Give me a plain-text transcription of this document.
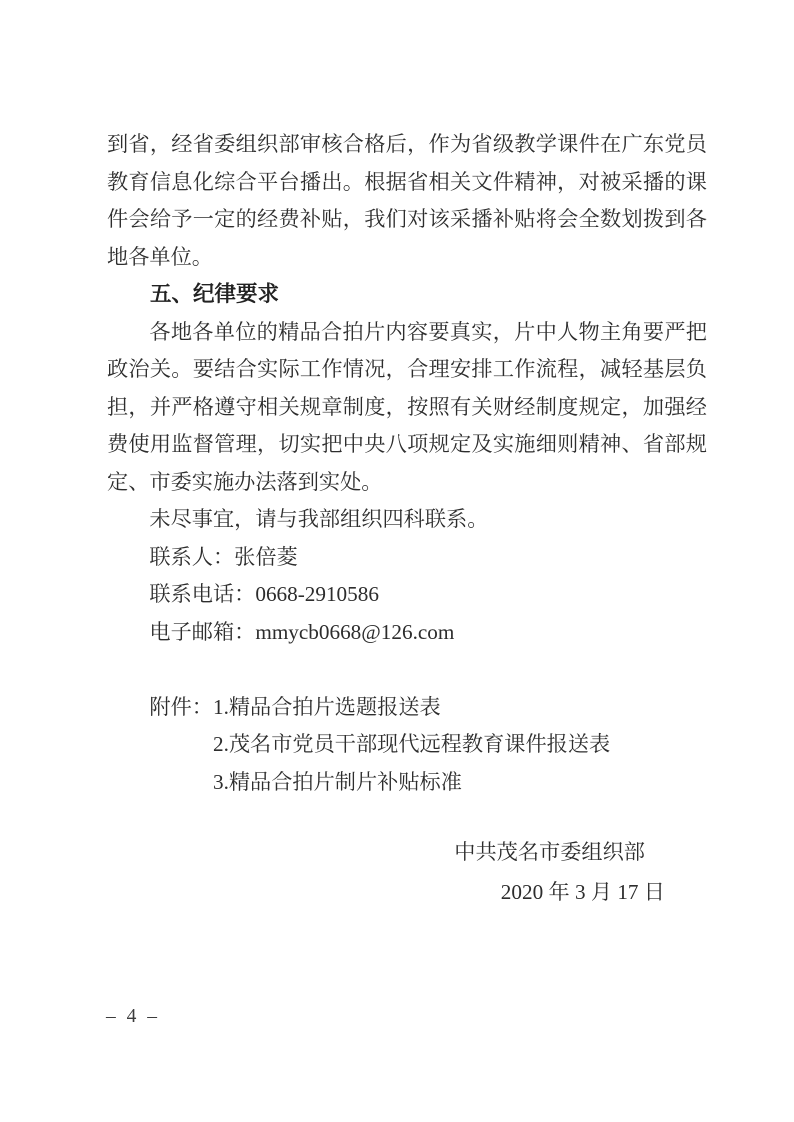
到省，经省委组织部审核合格后，作为省级教学课件在广东党员教育信息化综合平台播出。根据省相关文件精神，对被采播的课件会给予一定的经费补贴，我们对该采播补贴将会全数划拨到各地各单位。

五、纪律要求

各地各单位的精品合拍片内容要真实，片中人物主角要严把政治关。要结合实际工作情况，合理安排工作流程，减轻基层负担，并严格遵守相关规章制度，按照有关财经制度规定，加强经费使用监督管理，切实把中央八项规定及实施细则精神、省部规定、市委实施办法落到实处。

未尽事宜，请与我部组织四科联系。

联系人：张倍菱
联系电话：0668-2910586
电子邮箱：mmycb0668@126.com
附件： 1.精品合拍片选题报送表
2.茂名市党员干部现代远程教育课件报送表
3.精品合拍片制片补贴标准
中共茂名市委组织部
2020 年 3 月 17 日
– 4 –
